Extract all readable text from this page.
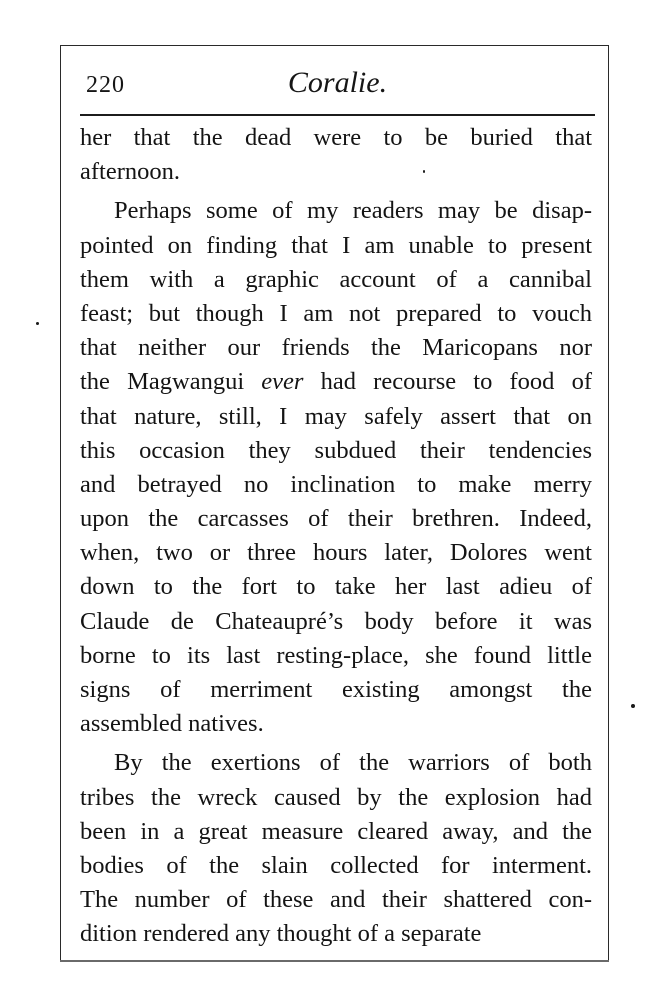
220	Coralie.
her that the dead were to be buried that
afternoon.
Perhaps some of my readers may be disap-
pointed on finding that I am unable to present
them with a graphic account of a cannibal
feast; but though I am not prepared to vouch
that neither our friends the Maricopans nor
the Magwangui ever had recourse to food of
that nature, still, I may safely assert that on
this occasion they subdued their tendencies
and betrayed no inclination to make merry
upon the carcasses of their brethren. Indeed,
when, two or three hours later, Dolores went
down to the fort to take her last adieu of
Claude de Chateaupré’s body before it was
borne to its last resting-place, she found little
signs of merriment existing amongst the
assembled natives.
By the exertions of the warriors of both
tribes the wreck caused by the explosion had
been in a great measure cleared away, and the
bodies of the slain collected for interment.
The number of these and their shattered con-
dition rendered any thought of a separate
